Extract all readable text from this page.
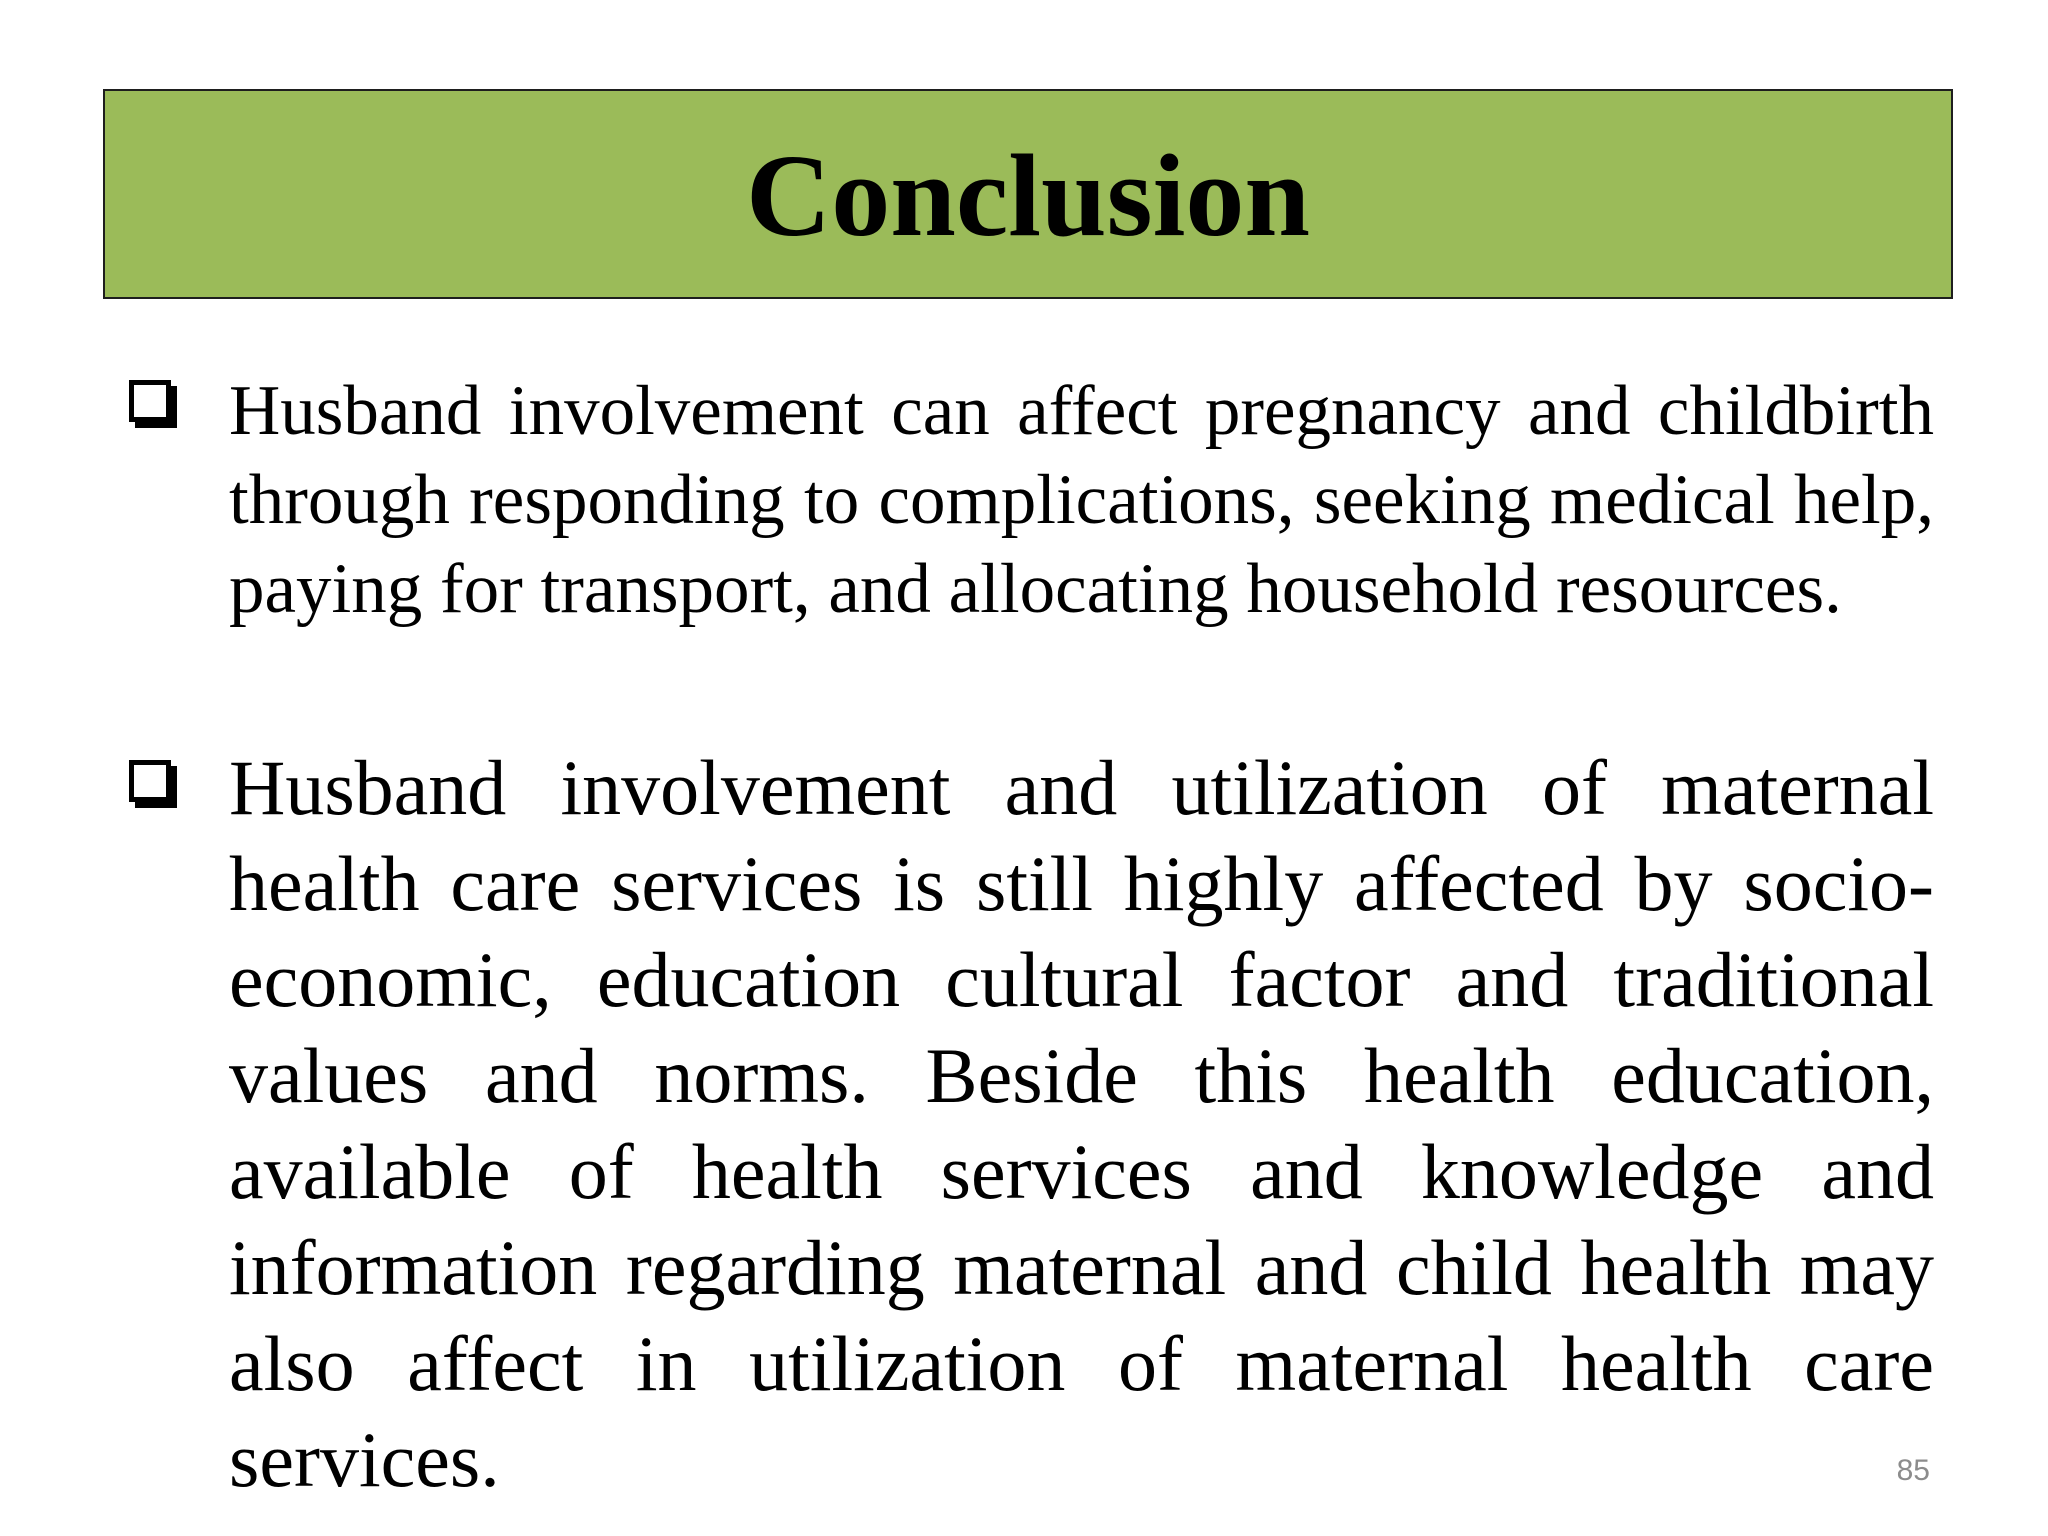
Conclusion

Husband involvement can affect pregnancy and childbirth through responding to complications, seeking medical help, paying for transport, and allocating household resources.

Husband involvement and utilization of maternal health care services is still highly affected by socio-economic, education cultural factor and traditional values and norms. Beside this health education, available of health services and knowledge and information regarding maternal and child health may also affect in utilization of maternal health care services.	85
